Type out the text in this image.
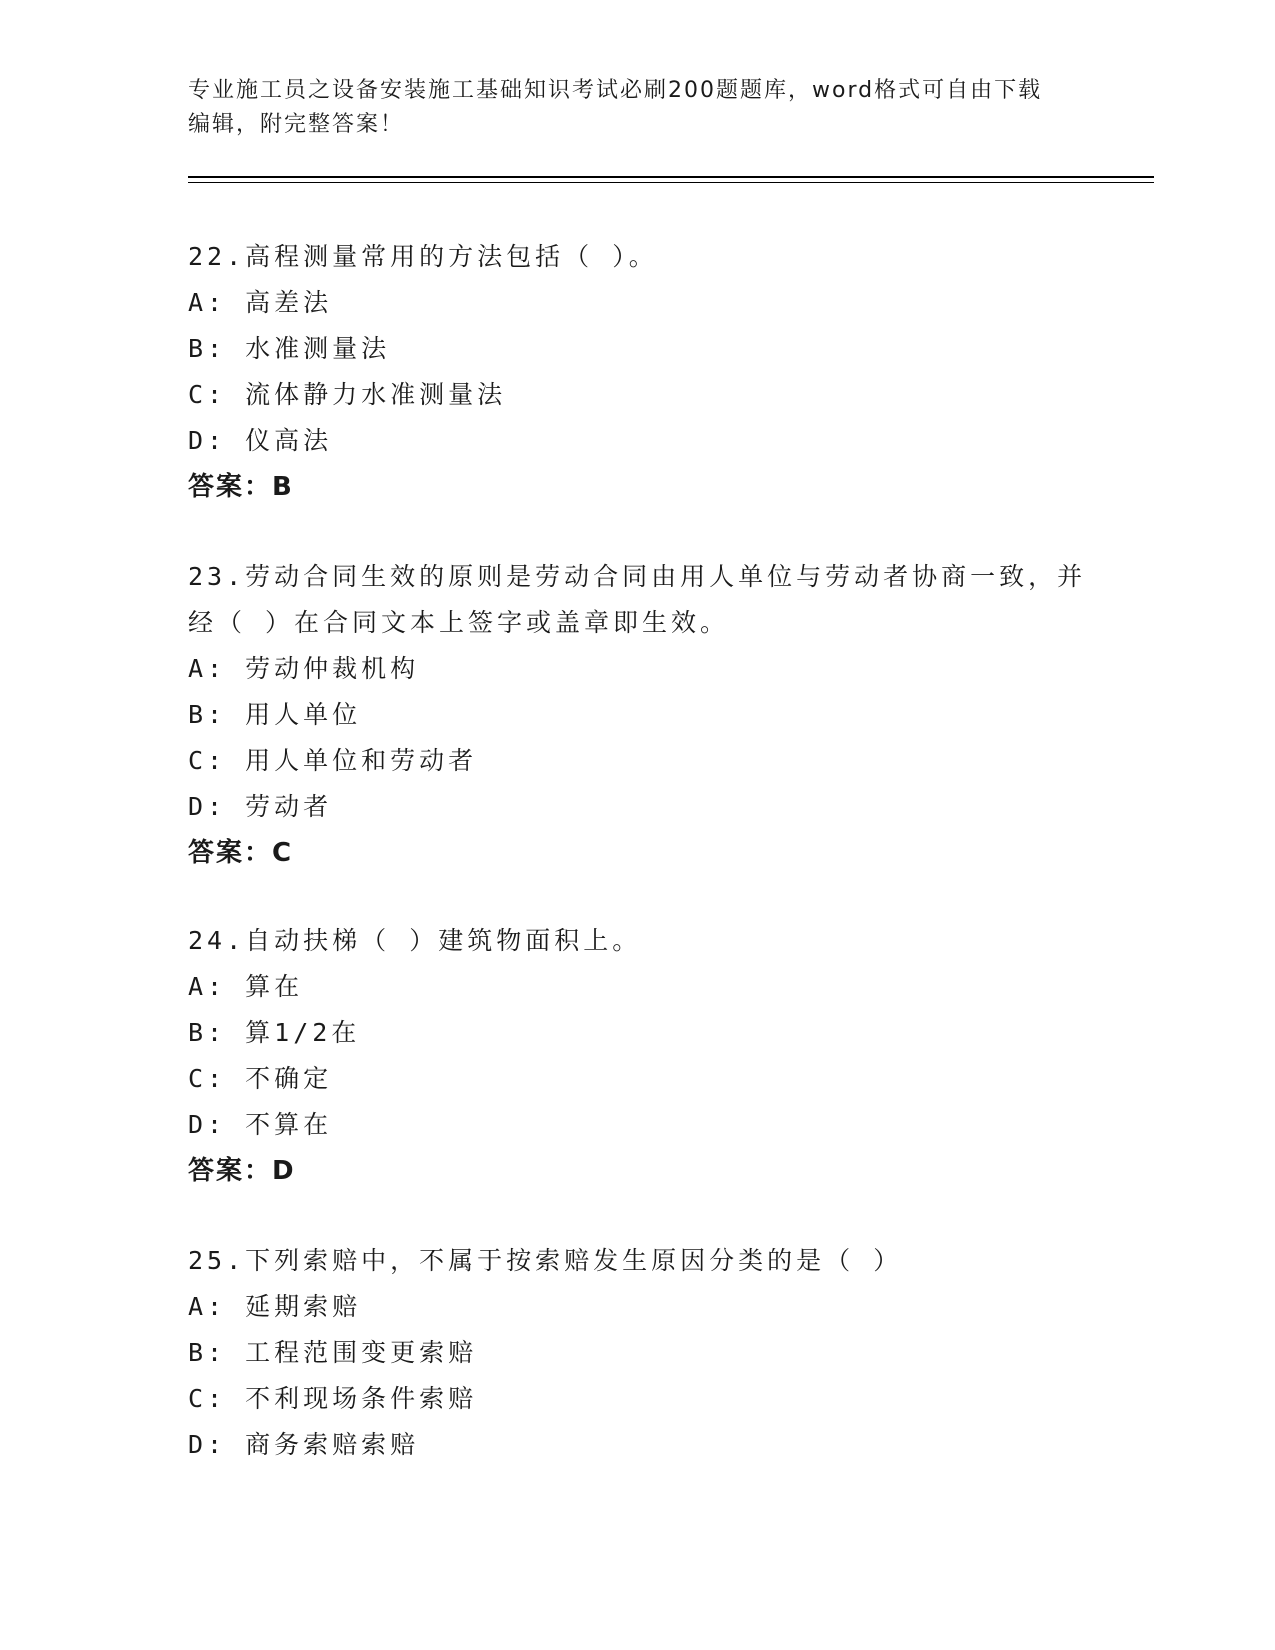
专业施工员之设备安装施工基础知识考试必刷200题题库，word格式可自由下载
编辑，附完整答案！
22.高程测量常用的方法包括（ ）。
A: 高差法
B: 水准测量法
C: 流体静力水准测量法
D: 仪高法
答案：B
23.劳动合同生效的原则是劳动合同由用人单位与劳动者协商一致，并
经（ ）在合同文本上签字或盖章即生效。
A: 劳动仲裁机构
B: 用人单位
C: 用人单位和劳动者
D: 劳动者
答案：C
24.自动扶梯（ ）建筑物面积上。
A: 算在
B: 算1/2在
C: 不确定
D: 不算在
答案：D
25.下列索赔中，不属于按索赔发生原因分类的是（ ）
A: 延期索赔
B: 工程范围变更索赔
C: 不利现场条件索赔
D: 商务索赔索赔
